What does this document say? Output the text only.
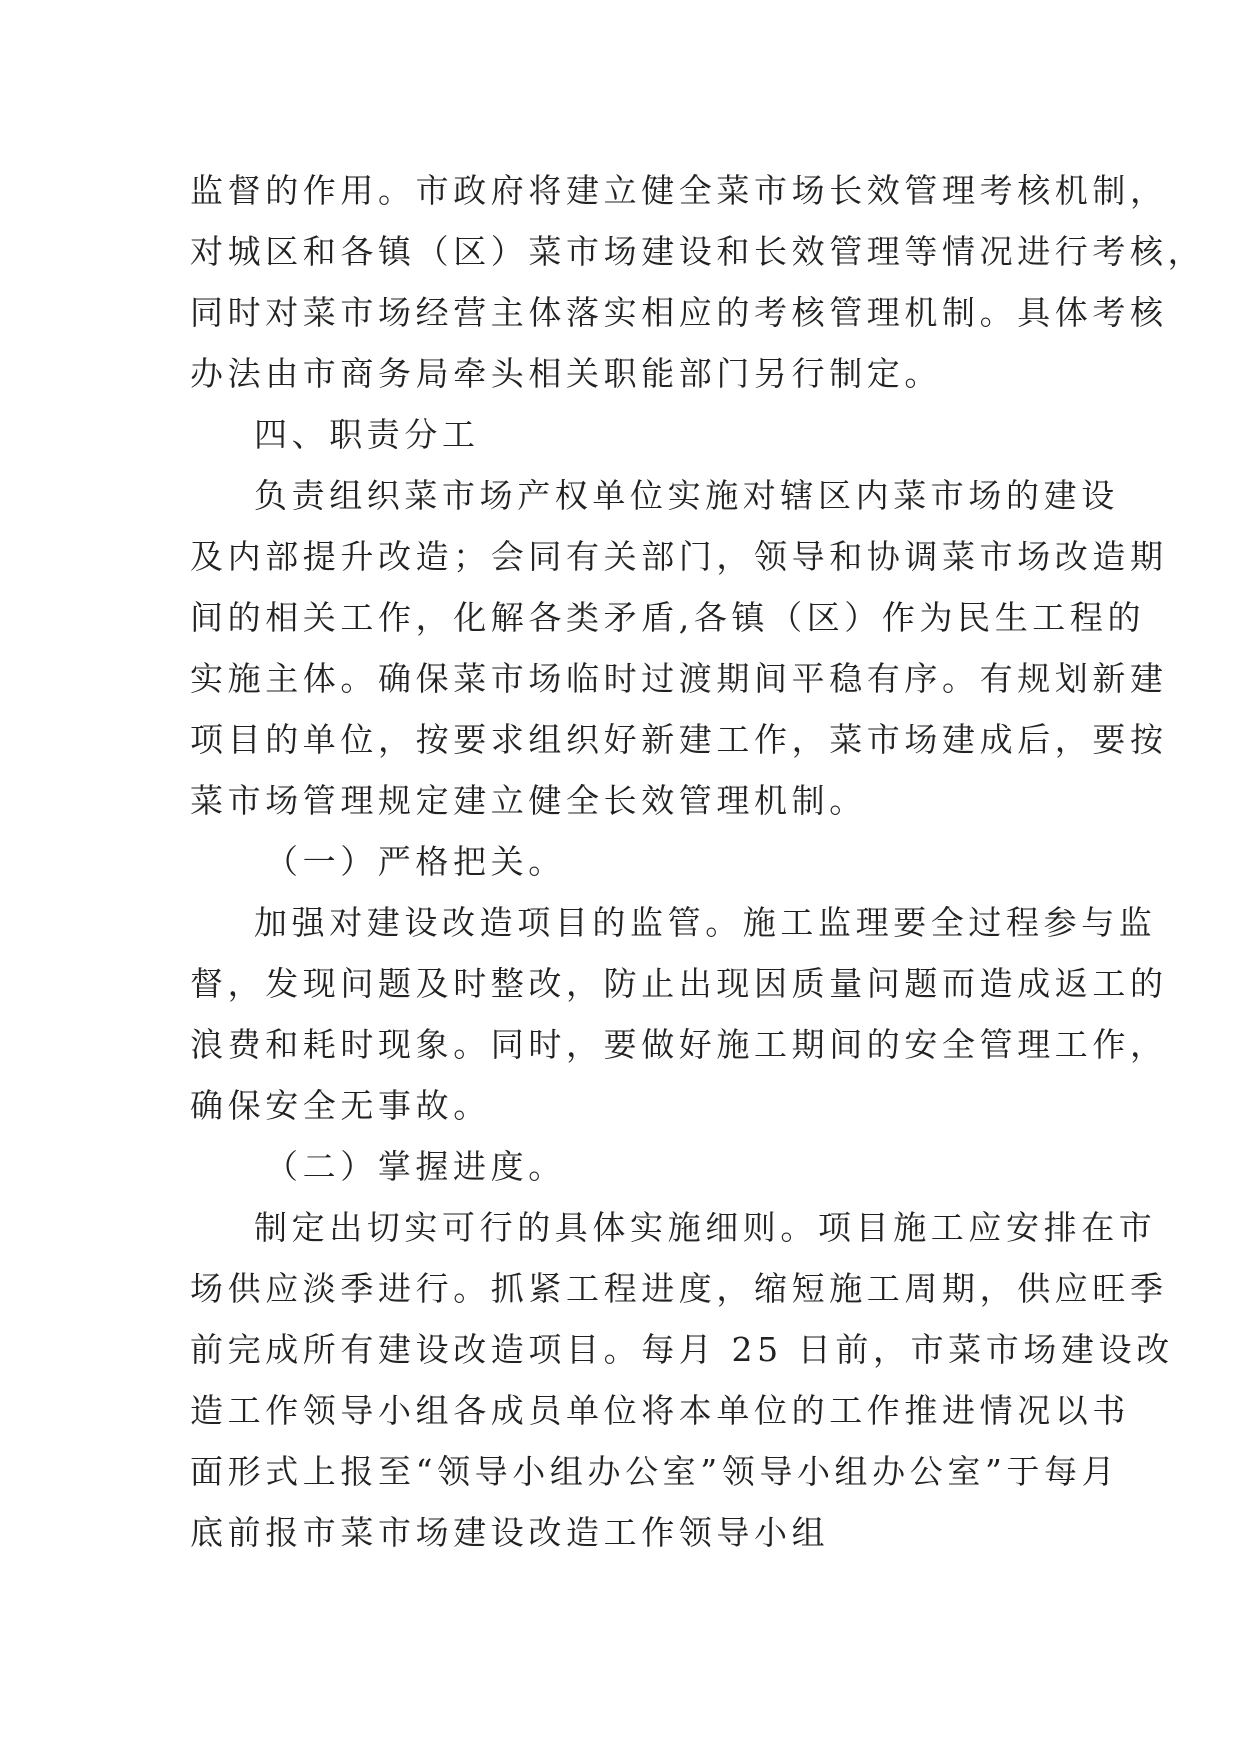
监督的作用。市政府将建立健全菜市场长效管理考核机制，
对城区和各镇（区）菜市场建设和长效管理等情况进行考核，
同时对菜市场经营主体落实相应的考核管理机制。具体考核
办法由市商务局牵头相关职能部门另行制定。
四、职责分工
负责组织菜市场产权单位实施对辖区内菜市场的建设
及内部提升改造；会同有关部门，领导和协调菜市场改造期
间的相关工作，化解各类矛盾,各镇（区）作为民生工程的
实施主体。确保菜市场临时过渡期间平稳有序。有规划新建
项目的单位，按要求组织好新建工作，菜市场建成后，要按
菜市场管理规定建立健全长效管理机制。
（一）严格把关。
加强对建设改造项目的监管。施工监理要全过程参与监
督，发现问题及时整改，防止出现因质量问题而造成返工的
浪费和耗时现象。同时，要做好施工期间的安全管理工作，
确保安全无事故。
（二）掌握进度。
制定出切实可行的具体实施细则。项目施工应安排在市
场供应淡季进行。抓紧工程进度，缩短施工周期，供应旺季
前完成所有建设改造项目。每月 25 日前，市菜市场建设改
造工作领导小组各成员单位将本单位的工作推进情况以书
面形式上报至“领导小组办公室”领导小组办公室”于每月
底前报市菜市场建设改造工作领导小组
